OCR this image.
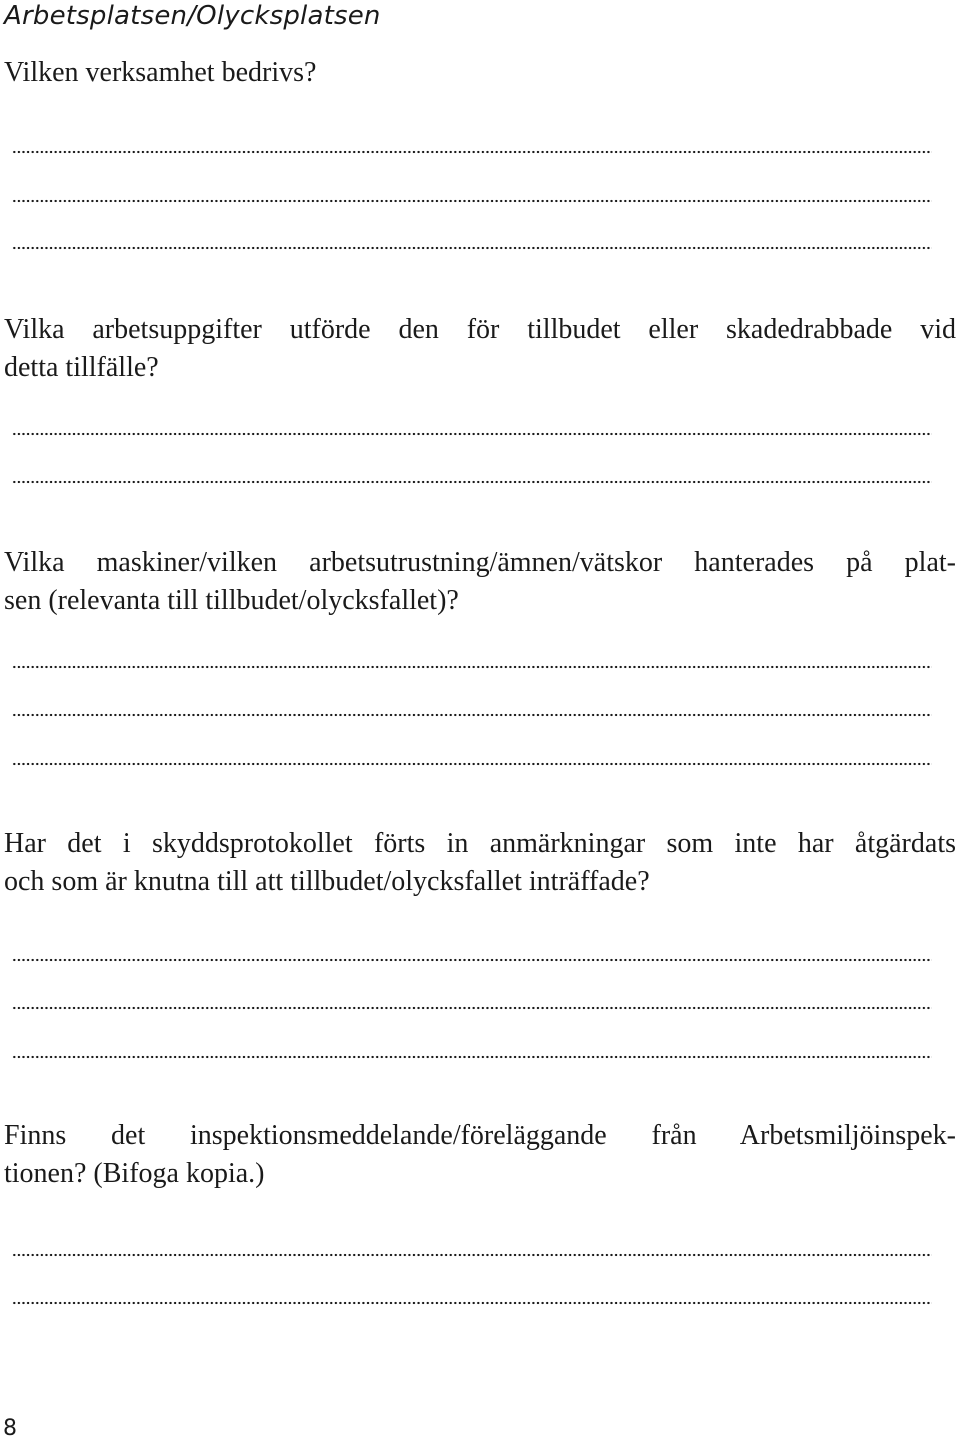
Arbetsplatsen/Olycksplatsen
Vilken verksamhet bedrivs?
Vilka arbetsuppgifter utförde den för tillbudet eller skadedrabbade vid
detta tillfälle?
Vilka maskiner/vilken arbetsutrustning/ämnen/vätskor hanterades på plat-
sen (relevanta till tillbudet/olycksfallet)?
Har det i skyddsprotokollet förts in anmärkningar som inte har åtgärdats
och som är knutna till att tillbudet/olycksfallet inträffade?
Finns det inspektionsmeddelande/föreläggande från Arbetsmiljöinspek-
tionen? (Bifoga kopia.)
8
